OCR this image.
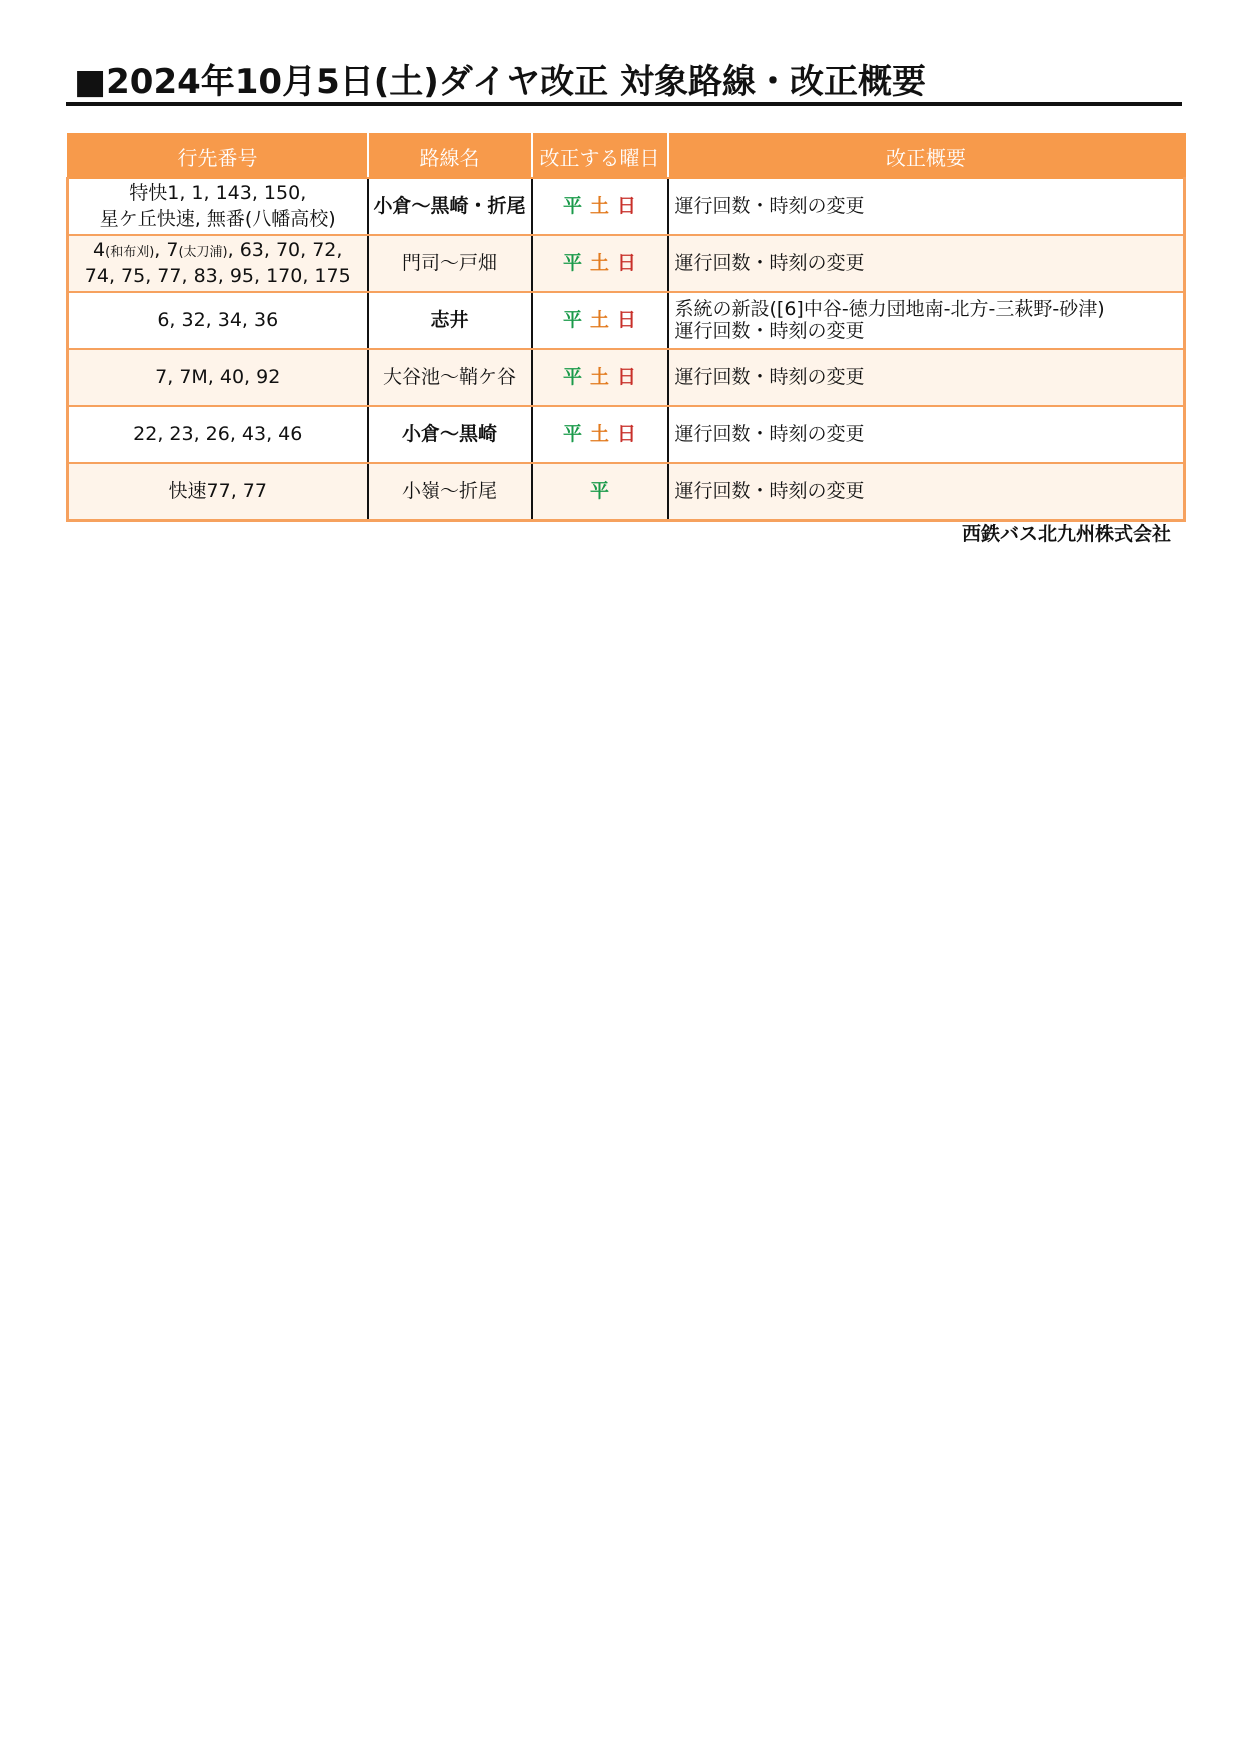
■2024年10月5日(土)ダイヤ改正 対象路線・改正概要
行先番号	路線名	改正する曜日	改正概要

特快1, 1, 143, 150,
星ケ丘快速, 無番(八幡高校)	小倉～黒崎・折尾	平 土 日	運行回数・時刻の変更

4(和布刈), 7(太刀浦), 63, 70, 72,
74, 75, 77, 83, 95, 170, 175	門司～戸畑	平 土 日	運行回数・時刻の変更

6, 32, 34, 36	志井	平 土 日	系統の新設([6]中谷-徳力団地南-北方-三萩野-砂津)
運行回数・時刻の変更

7, 7M, 40, 92	大谷池～鞘ケ谷	平 土 日	運行回数・時刻の変更

22, 23, 26, 43, 46	小倉～黒崎	平 土 日	運行回数・時刻の変更

快速77, 77	小嶺～折尾	平	運行回数・時刻の変更
西鉄バス北九州株式会社
